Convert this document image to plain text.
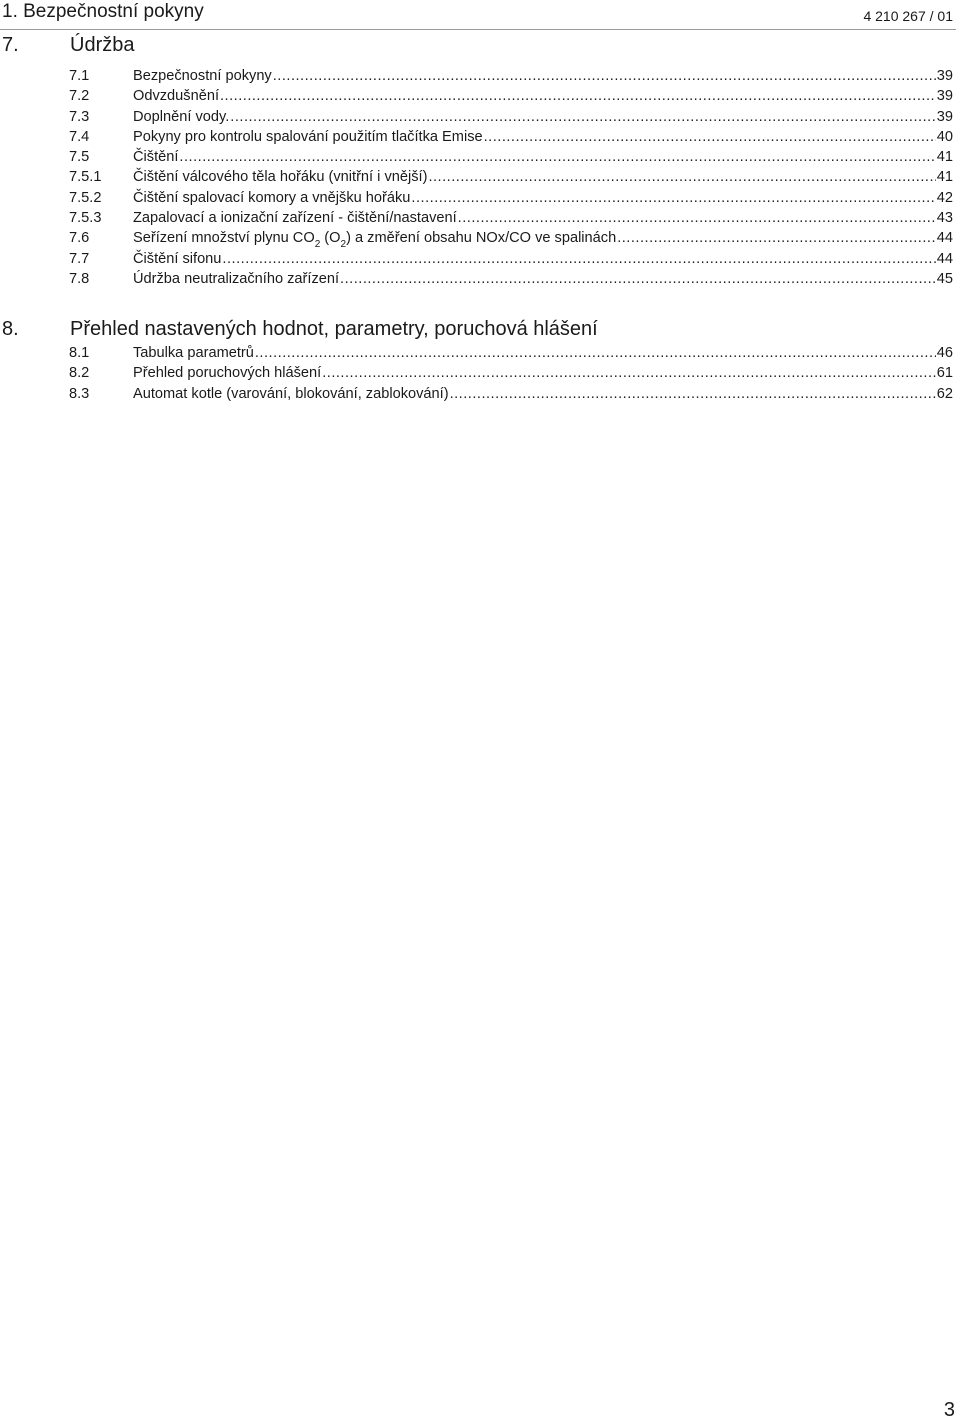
1. Bezpečnostní pokyny	4 210 267 / 01
7.	Údržba
7.1	Bezpečnostní pokyny .....	39
7.2	Odvzdušnění .....	39
7.3	Doplnění vody. .....	39
7.4	Pokyny pro kontrolu spalování použitím tlačítka Emise .....	40
7.5	Čištění .....	41
7.5.1 Čištění válcového těla hořáku (vnitřní i vnější) .....	41
7.5.2 Čištění spalovací komory a vnějšku hořáku .....	42
7.5.3 Zapalovací a ionizační zařízení - čištění/nastavení .....	43
7.6	Seřízení množství plynu $CO_2$ $(O_2)$ a změření obsahu NOx/CO ve spalinách .....	44
7.7	Čištění sifonu .....	44
7.8	Údržba neutralizačního zařízení .....	45
8.	Přehled nastavených hodnot, parametry, poruchová hlášení
8.1	Tabulka parametrů .....	46
8.2	Přehled poruchových hlášení .....	61
8.3	Automat kotle (varování, blokování, zablokování) .....	62
3
